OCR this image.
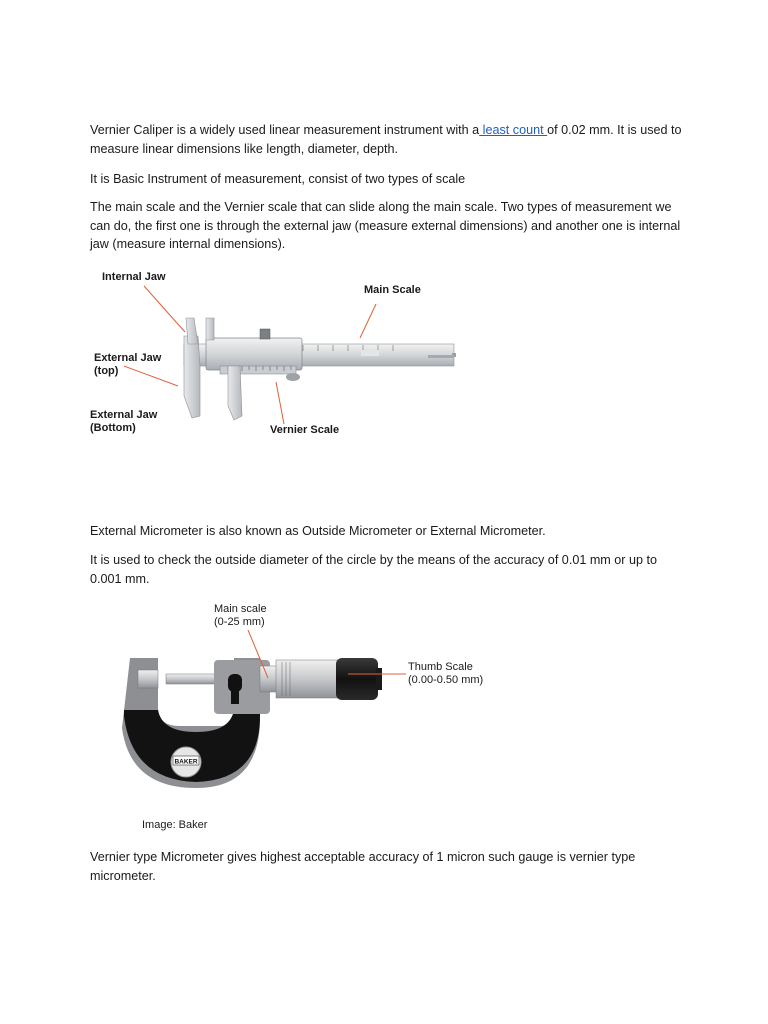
Vernier Caliper is a widely used linear measurement instrument with a least count of 0.02 mm. It is used to measure linear dimensions like length, diameter, depth.

It is Basic Instrument of measurement, consist of two types of scale

The main scale and the Vernier scale that can slide along the main scale. Two types of measurement we can do, the first one is through the external jaw (measure external dimensions) and another one is internal jaw (measure internal dimensions).

Internal Jaw
Main Scale
External Jaw
(top)
External Jaw
(Bottom)	Vernier Scale

External Micrometer is also known as Outside Micrometer or External Micrometer.

It is used to check the outside diameter of the circle by the means of the accuracy of 0.01 mm or up to 0.001 mm.

BAKER
Main scale
(0-25 mm)
Thumb Scale
(0.00-0.50 mm)
Image: Baker

Vernier type Micrometer gives highest acceptable accuracy of 1 micron such gauge is vernier type micrometer.
